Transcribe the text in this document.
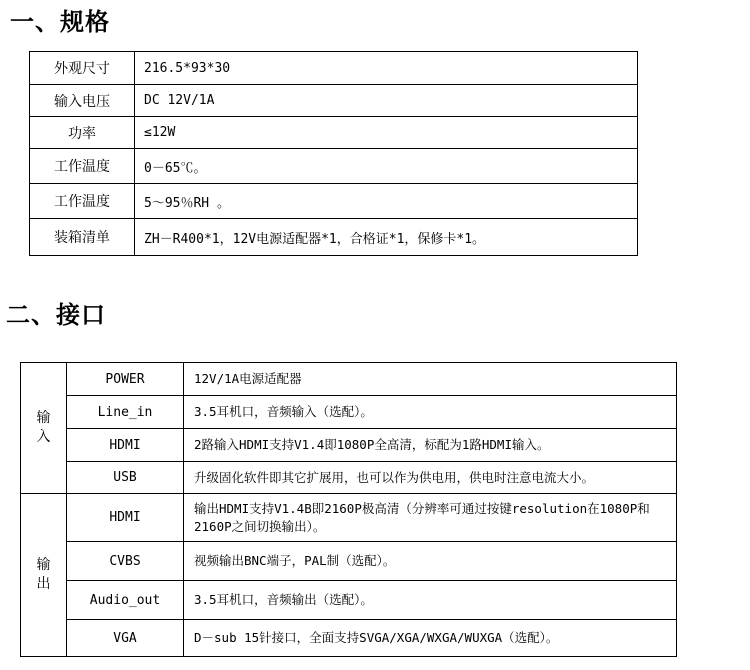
一、规格
外观尺寸	216.5*93*30
输入电压	DC 12V/1A
功率	≤12W
工作温度	0－65℃。
工作温度	5～95％RH 。
装箱清单	ZH－R400*1，12V电源适配器*1，合格证*1，保修卡*1。
二、接口
输入	POWER	12V/1A电源适配器
	Line_in	3.5耳机口，音频输入（选配）。
	HDMI	2路输入HDMI支持V1.4即1080P全高清，标配为1路HDMI输入。
	USB	升级固化软件即其它扩展用，也可以作为供电用，供电时注意电流大小。
输出	HDMI	输出HDMI支持V1.4B即2160P极高清（分辨率可通过按键resolution在1080P和2160P之间切换输出）。
	CVBS	视频输出BNC端子，PAL制（选配）。
	Audio_out	3.5耳机口，音频输出（选配）。
	VGA	D－sub 15针接口，全面支持SVGA/XGA/WXGA/WUXGA（选配）。
